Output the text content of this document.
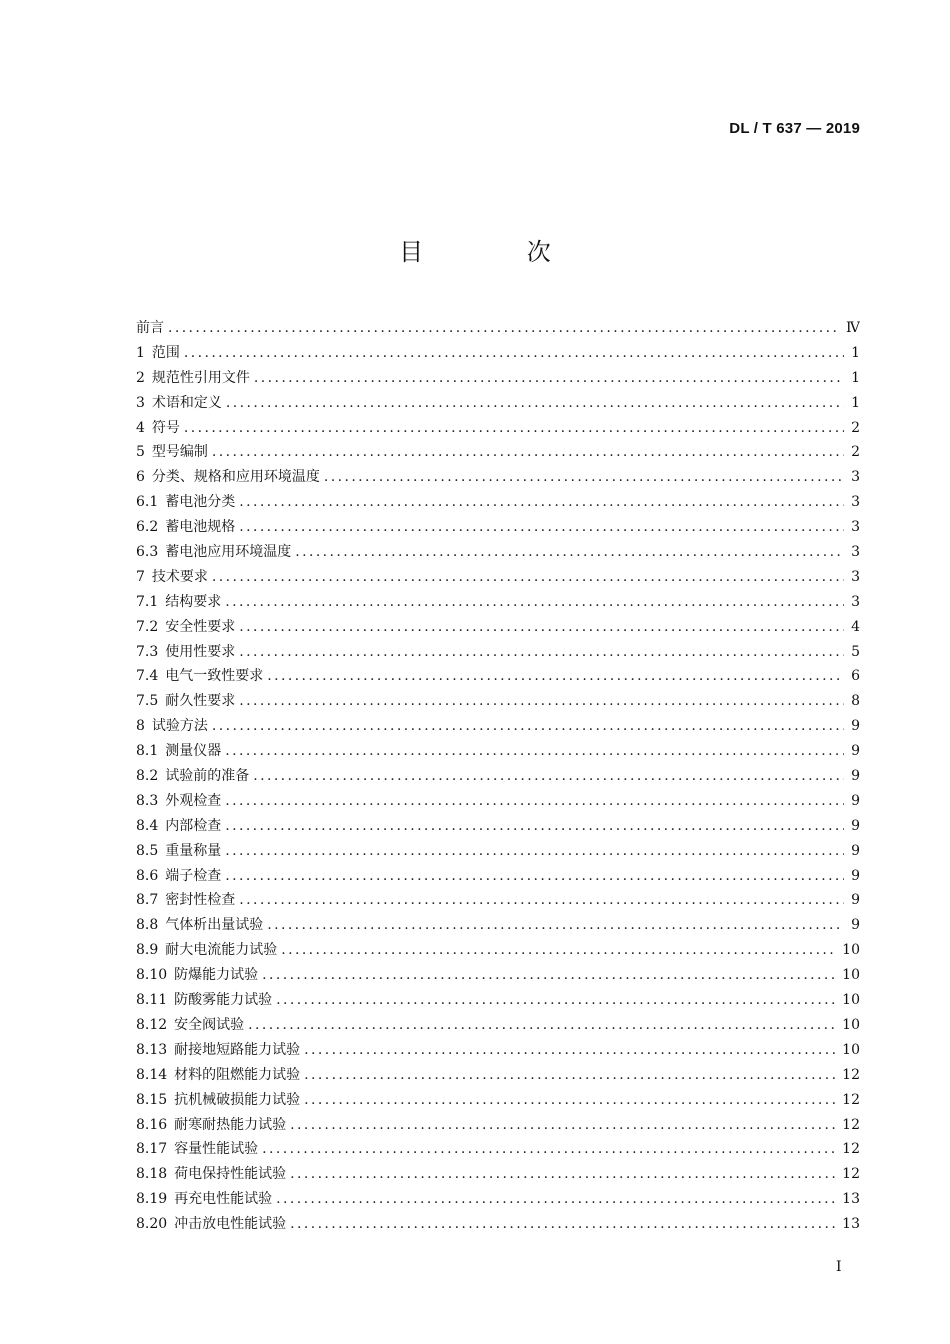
DL / T 637 — 2019
目 次
前言 .....	Ⅳ
1 范围 .....	1
2 规范性引用文件 .....	1
3 术语和定义 .....	1
4 符号 .....	2
5 型号编制 .....	2
6 分类、规格和应用环境温度 .....	3
6.1 蓄电池分类 .....	3
6.2 蓄电池规格 .....	3
6.3 蓄电池应用环境温度 .....	3
7 技术要求 .....	3
7.1 结构要求 .....	3
7.2 安全性要求 .....	4
7.3 使用性要求 .....	5
7.4 电气一致性要求 .....	6
7.5 耐久性要求 .....	8
8 试验方法 .....	9
8.1 测量仪器 .....	9
8.2 试验前的准备 .....	9
8.3 外观检查 .....	9
8.4 内部检查 .....	9
8.5 重量称量 .....	9
8.6 端子检查 .....	9
8.7 密封性检查 .....	9
8.8 气体析出量试验 .....	9
8.9 耐大电流能力试验 .....	10
8.10 防爆能力试验 .....	10
8.11 防酸雾能力试验 .....	10
8.12 安全阀试验 .....	10
8.13 耐接地短路能力试验 .....	10
8.14 材料的阻燃能力试验 .....	12
8.15 抗机械破损能力试验 .....	12
8.16 耐寒耐热能力试验 .....	12
8.17 容量性能试验 .....	12
8.18 荷电保持性能试验 .....	12
8.19 再充电性能试验 .....	13
8.20 冲击放电性能试验 .....	13
I
